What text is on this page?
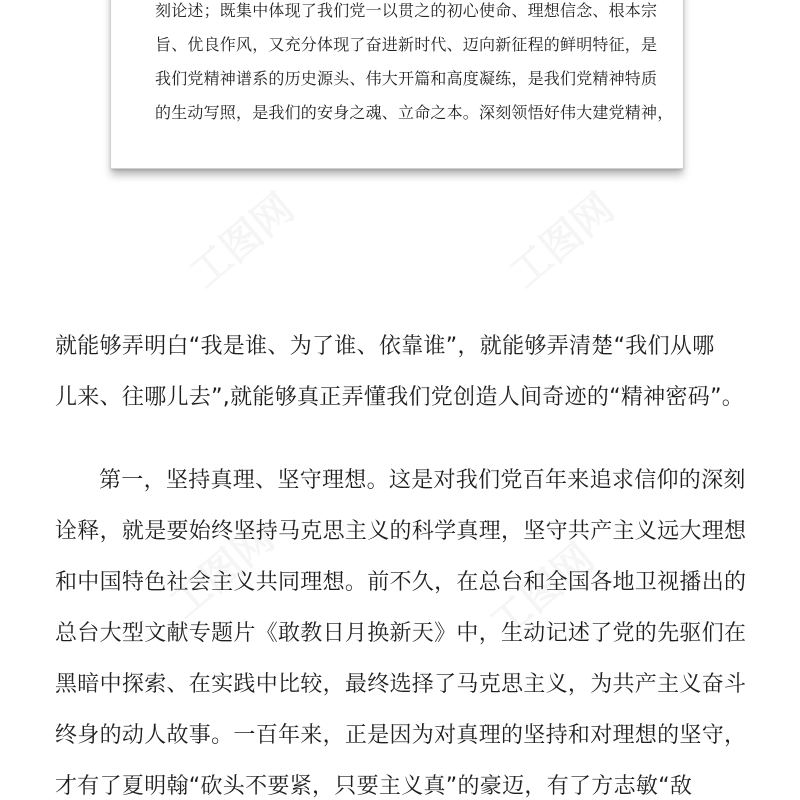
刻论述；既集中体现了我们党一以贯之的初心使命、理想信念、根本宗
旨、优良作风，又充分体现了奋进新时代、迈向新征程的鲜明特征，是
我们党精神谱系的历史源头、伟大开篇和高度凝练，是我们党精神特质
的生动写照，是我们的安身之魂、立命之本。深刻领悟好伟大建党精神，
工图网	工图网
工图网	工图网
就能够弄明白“我是谁、为了谁、依靠谁”，就能够弄清楚“我们从哪
儿来、往哪儿去”,就能够真正弄懂我们党创造人间奇迹的“精神密码”。
第一，坚持真理、坚守理想。这是对我们党百年来追求信仰的深刻
诠释，就是要始终坚持马克思主义的科学真理，坚守共产主义远大理想
和中国特色社会主义共同理想。前不久，在总台和全国各地卫视播出的
总台大型文献专题片《敢教日月换新天》中，生动记述了党的先驱们在
黑暗中探索、在实践中比较，最终选择了马克思主义，为共产主义奋斗
终身的动人故事。一百年来，正是因为对真理的坚持和对理想的坚守，
才有了夏明翰“砍头不要紧，只要主义真”的豪迈，有了方志敏“敌
